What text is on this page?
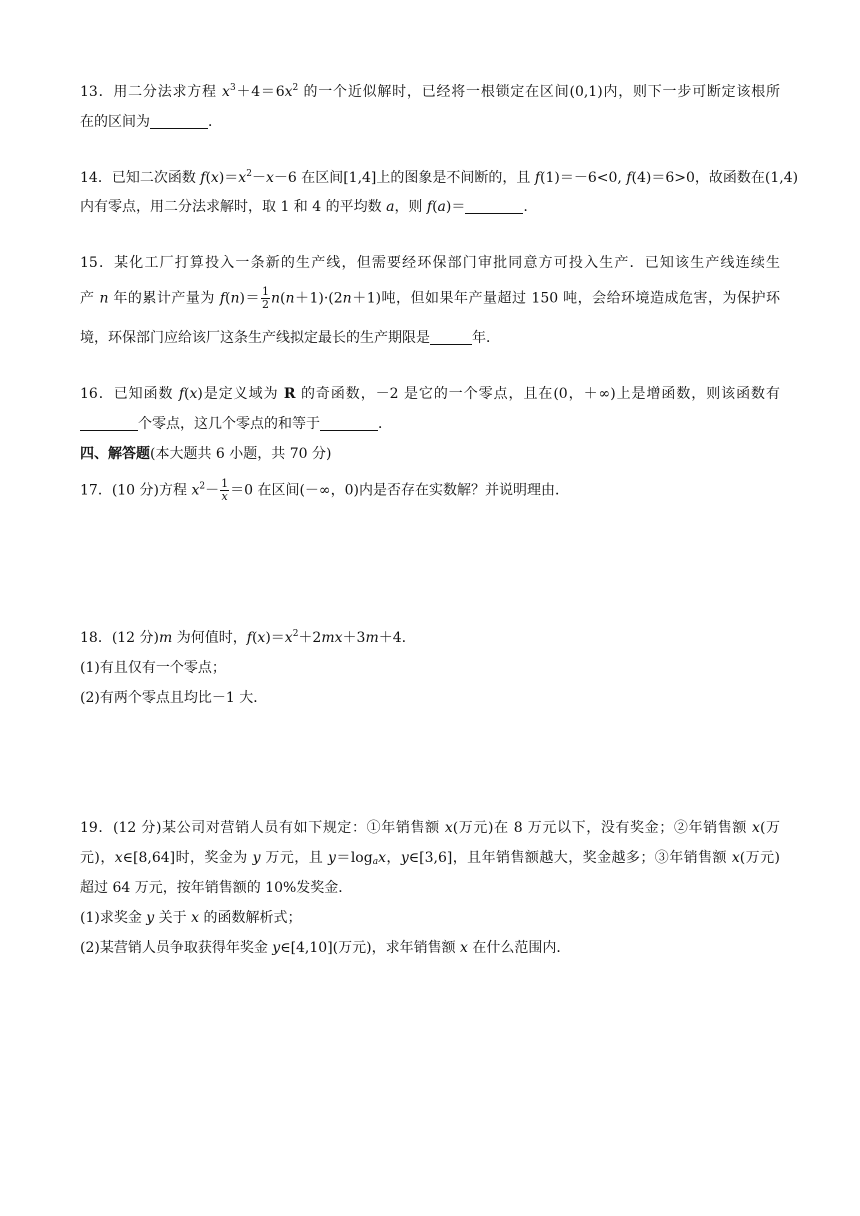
13．用二分法求方程 $x^3+4=6x^2$ 的一个近似解时，已经将一根锁定在区间(0,1)内，则下一步可断定该根所
在的区间为	．
14．已知二次函数 $f(x)=x^2-x-6$ 在区间[1,4]上的图象是不间断的，且 f(1)＝－6<0, f(4)＝6>0，故函数在(1,4)
内有零点，用二分法求解时，取 1 和 4 的平均数 a，则 f(a)＝	.
15．某化工厂打算投入一条新的生产线，但需要经环保部门审批同意方可投入生产．已知该生产线连续生
产 n 年的累计产量为 $f(n)= \frac{1}{2} n(n+1)\cdot(2n+1)$吨，但如果年产量超过 150 吨，会给环境造成危害，为保护环
境，环保部门应给该厂这条生产线拟定最长的生产期限是	年．
16．已知函数 f(x)是定义域为 R 的奇函数，－2 是它的一个零点，且在(0，＋∞)上是增函数，则该函数有
个零点，这几个零点的和等于	．
四、解答题(本大题共 6 小题，共 70 分)
17．(10 分)方程 $x^2- \frac{1}{x} =0$ 在区间(－∞，0)内是否存在实数解？并说明理由．
18．(12 分)m 为何值时，$f(x)=x^2+2mx+3m+4$.
(1)有且仅有一个零点；
(2)有两个零点且均比－1 大．
19．(12 分)某公司对营销人员有如下规定：①年销售额 x(万元)在 8 万元以下，没有奖金；②年销售额 x(万
元)，x∈[8,64]时，奖金为 y 万元，且 $y=\log_ax$，y∈[3,6]，且年销售额越大，奖金越多；③年销售额 x(万元)
超过 64 万元，按年销售额的 10%发奖金．
(1)求奖金 y 关于 x 的函数解析式；
(2)某营销人员争取获得年奖金 y∈[4,10](万元)，求年销售额 x 在什么范围内．
